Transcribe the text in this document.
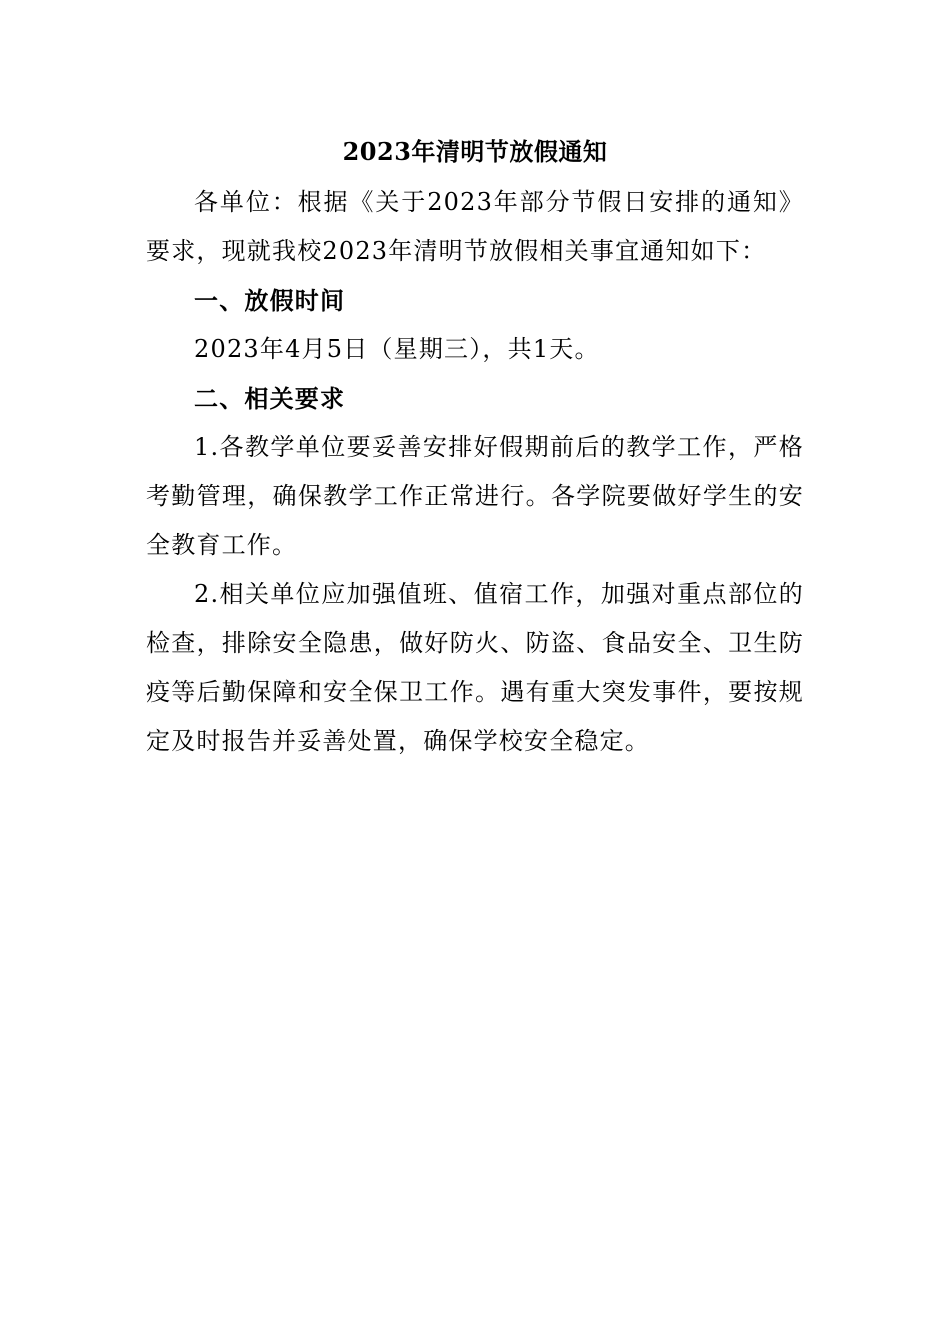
2023年清明节放假通知

各单位：根据《关于2023年部分节假日安排的通知》要求，现就我校2023年清明节放假相关事宜通知如下：

一、放假时间

2023年4月5日（星期三），共1天。

二、相关要求

1.各教学单位要妥善安排好假期前后的教学工作，严格考勤管理，确保教学工作正常进行。各学院要做好学生的安全教育工作。

2.相关单位应加强值班、值宿工作，加强对重点部位的检查，排除安全隐患，做好防火、防盗、食品安全、卫生防疫等后勤保障和安全保卫工作。遇有重大突发事件，要按规定及时报告并妥善处置，确保学校安全稳定。
